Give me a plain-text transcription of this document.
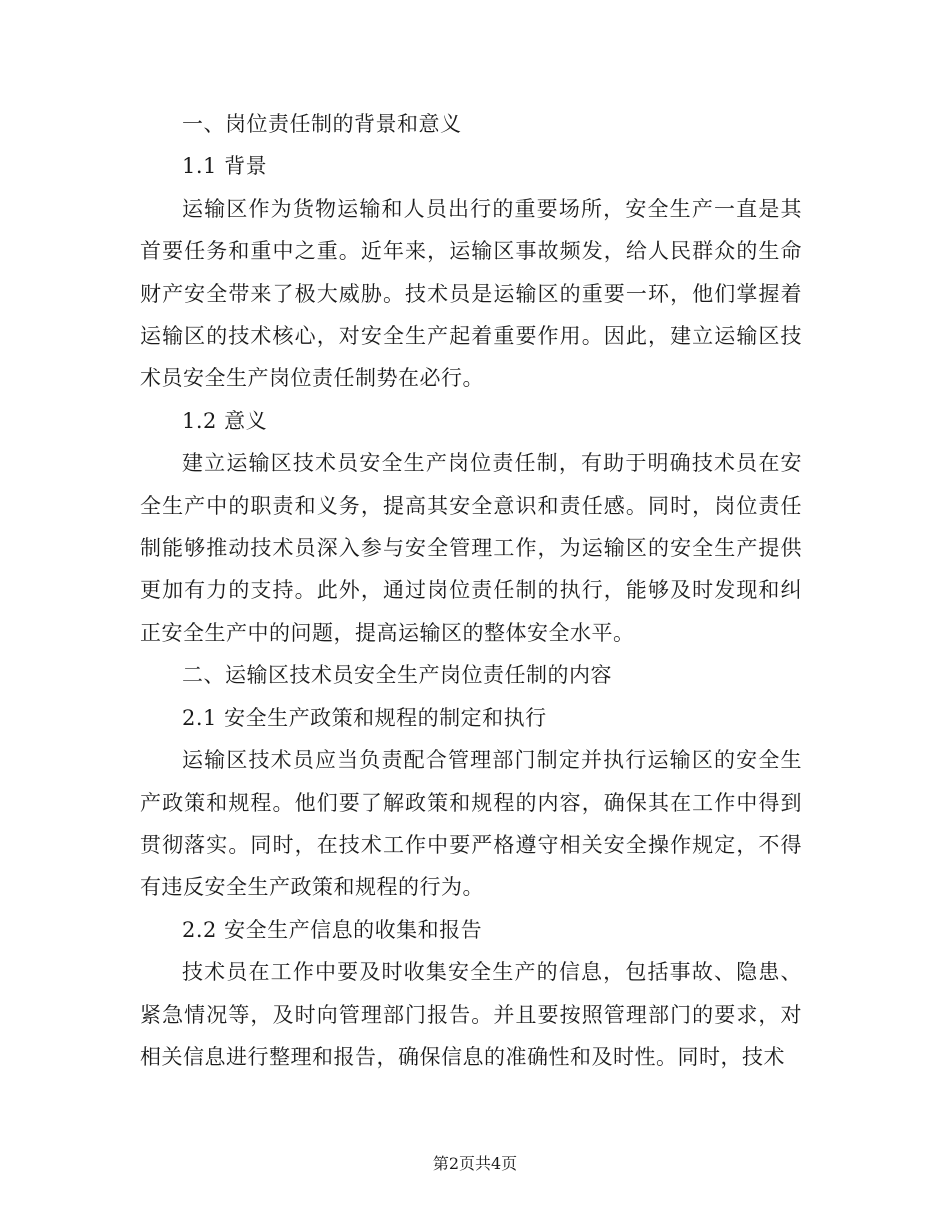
一、岗位责任制的背景和意义

1.1 背景

运输区作为货物运输和人员出行的重要场所，安全生产一直是其首要任务和重中之重。近年来，运输区事故频发，给人民群众的生命财产安全带来了极大威胁。技术员是运输区的重要一环，他们掌握着运输区的技术核心，对安全生产起着重要作用。因此，建立运输区技术员安全生产岗位责任制势在必行。

1.2 意义

建立运输区技术员安全生产岗位责任制，有助于明确技术员在安全生产中的职责和义务，提高其安全意识和责任感。同时，岗位责任制能够推动技术员深入参与安全管理工作，为运输区的安全生产提供更加有力的支持。此外，通过岗位责任制的执行，能够及时发现和纠正安全生产中的问题，提高运输区的整体安全水平。

二、运输区技术员安全生产岗位责任制的内容

2.1 安全生产政策和规程的制定和执行

运输区技术员应当负责配合管理部门制定并执行运输区的安全生产政策和规程。他们要了解政策和规程的内容，确保其在工作中得到贯彻落实。同时，在技术工作中要严格遵守相关安全操作规定，不得有违反安全生产政策和规程的行为。

2.2 安全生产信息的收集和报告

技术员在工作中要及时收集安全生产的信息，包括事故、隐患、紧急情况等，及时向管理部门报告。并且要按照管理部门的要求，对相关信息进行整理和报告，确保信息的准确性和及时性。同时，技术

第2页共4页
